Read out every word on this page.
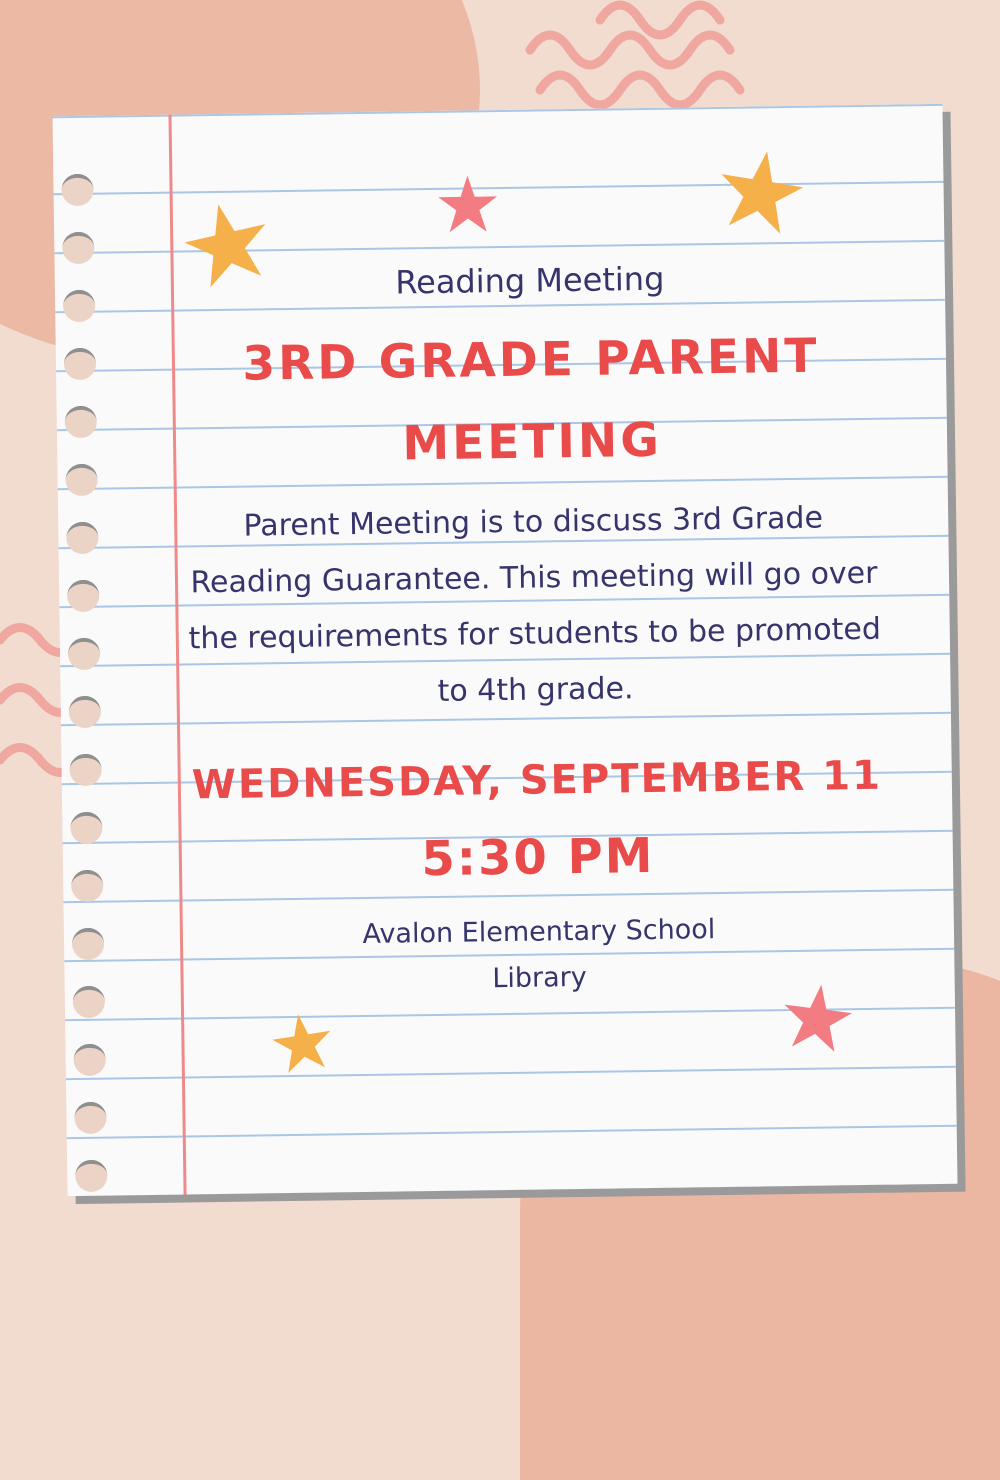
Reading Meeting

3RD GRADE PARENT MEETING

Parent Meeting is to discuss 3rd Grade Reading Guarantee. This meeting will go over the requirements for students to be promoted to 4th grade.

WEDNESDAY, SEPTEMBER 11

5:30 PM

Avalon Elementary School
Library
